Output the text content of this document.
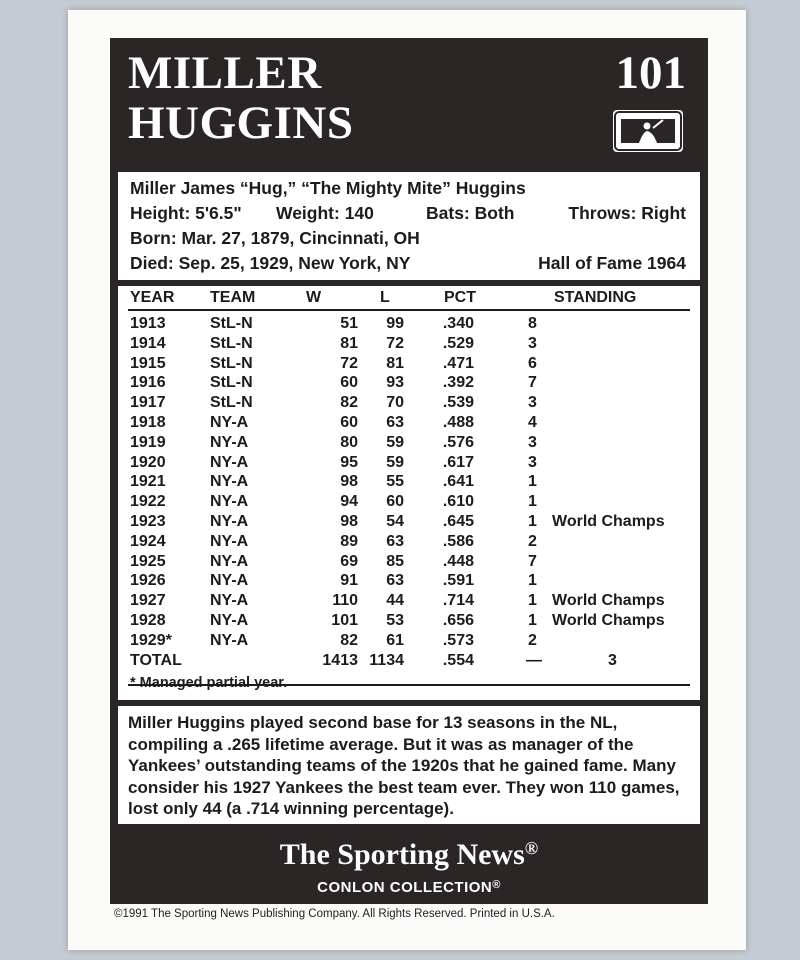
MILLER
HUGGINS
101
Miller James “Hug,” “The Mighty Mite” Huggins
Height: 5'6.5" Weight: 140	Bats: Both	Throws: Right
Born: Mar. 27, 1879, Cincinnati, OH
Died: Sep. 25, 1929, New York, NY	Hall of Fame 1964
YEAR TEAM	W	L	PCT	STANDING
1913	StL-N	51	99	.340	8
1914	StL-N	81	72	.529	3
1915	StL-N	72	81	.471	6
1916	StL-N	60	93	.392	7
1917	StL-N	82	70	.539	3
1918	NY-A	60	63	.488	4
1919	NY-A	80	59	.576	3
1920	NY-A	95	59	.617	3
1921	NY-A	98	55	.641	1
1922	NY-A	94	60	.610	1
1923	NY-A	98	54	.645	1 World Champs
1924	NY-A	89	63	.586	2
1925	NY-A	69	85	.448	7
1926	NY-A	91	63	.591	1
1927	NY-A	110	44	.714	1 World Champs
1928	NY-A	101	53	.656	1 World Champs
1929* NY-A	82	61	.573	2
TOTAL	1413 1134	.554	—	3
* Managed partial year.

Miller Huggins played second base for 13 seasons in the NL, compiling a .265 lifetime average. But it was as manager of the Yankees’ outstanding teams of the 1920s that he gained fame. Many consider his 1927 Yankees the best team ever. They won 110 games, lost only 44 (a .714 winning percentage).

The Sporting News®
CONLON COLLECTION®
©1991 The Sporting News Publishing Company. All Rights Reserved. Printed in U.S.A.
